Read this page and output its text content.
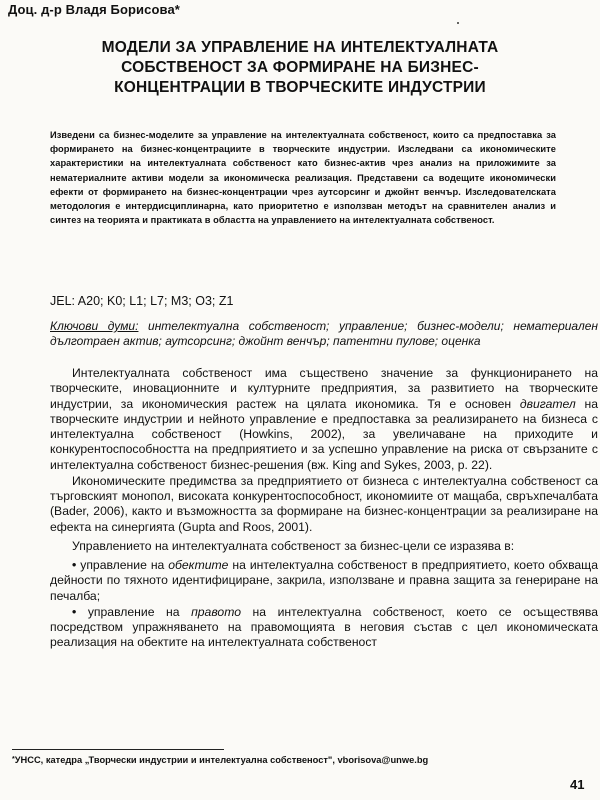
Доц. д-р Владя Борисова*
МОДЕЛИ ЗА УПРАВЛЕНИЕ НА ИНТЕЛЕКТУАЛНАТА
СОБСТВЕНОСТ ЗА ФОРМИРАНЕ НА БИЗНЕС-
КОНЦЕНТРАЦИИ В ТВОРЧЕСКИТЕ ИНДУСТРИИ
Изведени са бизнес-моделите за управление на интелектуалната собственост, които са предпоставка за формирането на бизнес-концентрациите в творческите индустрии. Изследвани са икономическите характеристики на интелектуалната собственост като бизнес-актив чрез анализ на приложимите за нематериалните активи модели за икономическа реализация. Представени са водещите икономически ефекти от формирането на бизнес-концентрации чрез аутсорсинг и джойнт венчър. Изследователската методология е интердисциплинарна, като приоритетно е използван методът на сравнителен анализ и синтез на теорията и практиката в областта на управлението на интелектуалната собственост.
JEL: A20; K0; L1; L7; M3; O3; Z1
Ключови думи: интелектуална собственост; управление; бизнес-модели; нематериален дълготраен актив; аутсорсинг; джойнт венчър; патентни пулове; оценка

Интелектуалната собственост има съществено значение за функционирането на творческите, иновационните и културните предприятия, за развитието на творческите индустрии, за икономическия растеж на цялата икономика. Тя е основен двигател на творческите индустрии и нейното управление е предпоставка за реализирането на бизнеса с интелектуална собственост (Howkins, 2002), за увеличаване на приходите и конкурентоспособността на предприятието и за успешно управление на риска от свързаните с интелектуална собственост бизнес-решения (вж. King and Sykes, 2003, p. 22).

Икономическите предимства за предприятието от бизнеса с интелектуална собственост са търговският монопол, високата конкурентоспособност, икономиите от мащаба, свръхпечалбата (Bader, 2006), както и възможността за формиране на бизнес-концентрации за реализиране на ефекта на синергията (Gupta and Roos, 2001).

Управлението на интелектуалната собственост за бизнес-цели се изразява в:

• управление на обектите на интелектуална собственост в предприятието, което обхваща дейности по тяхното идентифициране, закрила, използване и правна защита за генериране на печалба;

• управление на правото на интелектуална собственост, което се осъществява посредством упражняването на правомощията в неговия състав с цел икономическата реализация на обектите на интелектуалната собственост

*УНСС, катедра „Творчески индустрии и интелектуална собственост", vborisova@unwe.bg
41
